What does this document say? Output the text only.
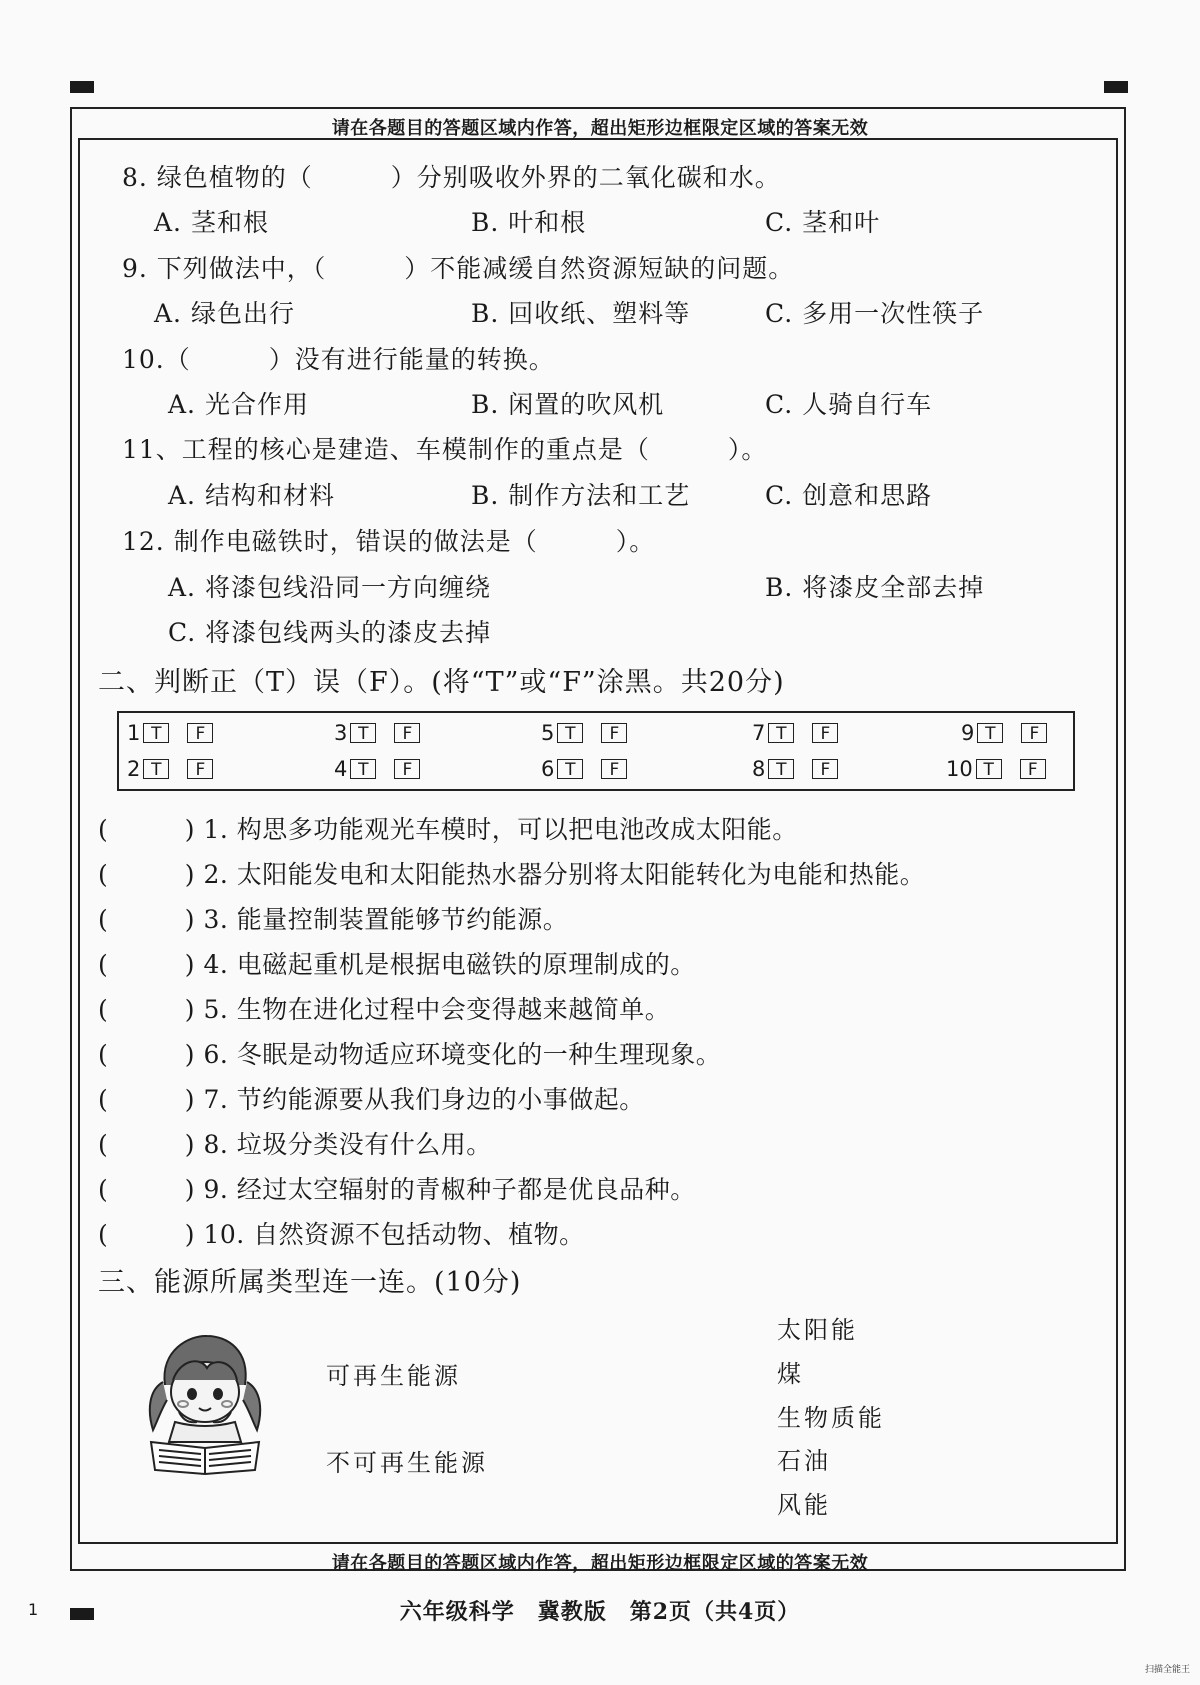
请在各题目的答题区域内作答，超出矩形边框限定区域的答案无效
8. 绿色植物的（　　　）分别吸收外界的二氧化碳和水。
A. 茎和根	B. 叶和根	C. 茎和叶
9. 下列做法中，（　　　）不能减缓自然资源短缺的问题。
A. 绿色出行	B. 回收纸、塑料等	C. 多用一次性筷子
10.（　　　）没有进行能量的转换。
A. 光合作用	B. 闲置的吹风机	C. 人骑自行车
11、工程的核心是建造、车模制作的重点是（　　　）。
A. 结构和材料	B. 制作方法和工艺	C. 创意和思路
12. 制作电磁铁时，错误的做法是（　　　）。
A. 将漆包线沿同一方向缠绕	B. 将漆皮全部去掉
C. 将漆包线两头的漆皮去掉
二、判断正（T）误（F）。(将“T”或“F”涂黑。共20分)
1 T	F	3 T	F	5 T	F	7 T	F	9 T	F
2 T	F	4 T	F	6 T	F	8 T	F	10 T	F
(　　　) 1. 构思多功能观光车模时，可以把电池改成太阳能。
(　　　) 2. 太阳能发电和太阳能热水器分别将太阳能转化为电能和热能。
(　　　) 3. 能量控制装置能够节约能源。
(　　　) 4. 电磁起重机是根据电磁铁的原理制成的。
(　　　) 5. 生物在进化过程中会变得越来越简单。
(　　　) 6. 冬眠是动物适应环境变化的一种生理现象。
(　　　) 7. 节约能源要从我们身边的小事做起。
(　　　) 8. 垃圾分类没有什么用。
(　　　) 9. 经过太空辐射的青椒种子都是优良品种。
(　　　) 10. 自然资源不包括动物、植物。
三、能源所属类型连一连。(10分)
可再生能源
不可再生能源
太阳能
煤
生物质能
石油
风能
请在各题目的答题区域内作答，超出矩形边框限定区域的答案无效
六年级科学　冀教版　第2页（共4页）
1
扫描全能王
